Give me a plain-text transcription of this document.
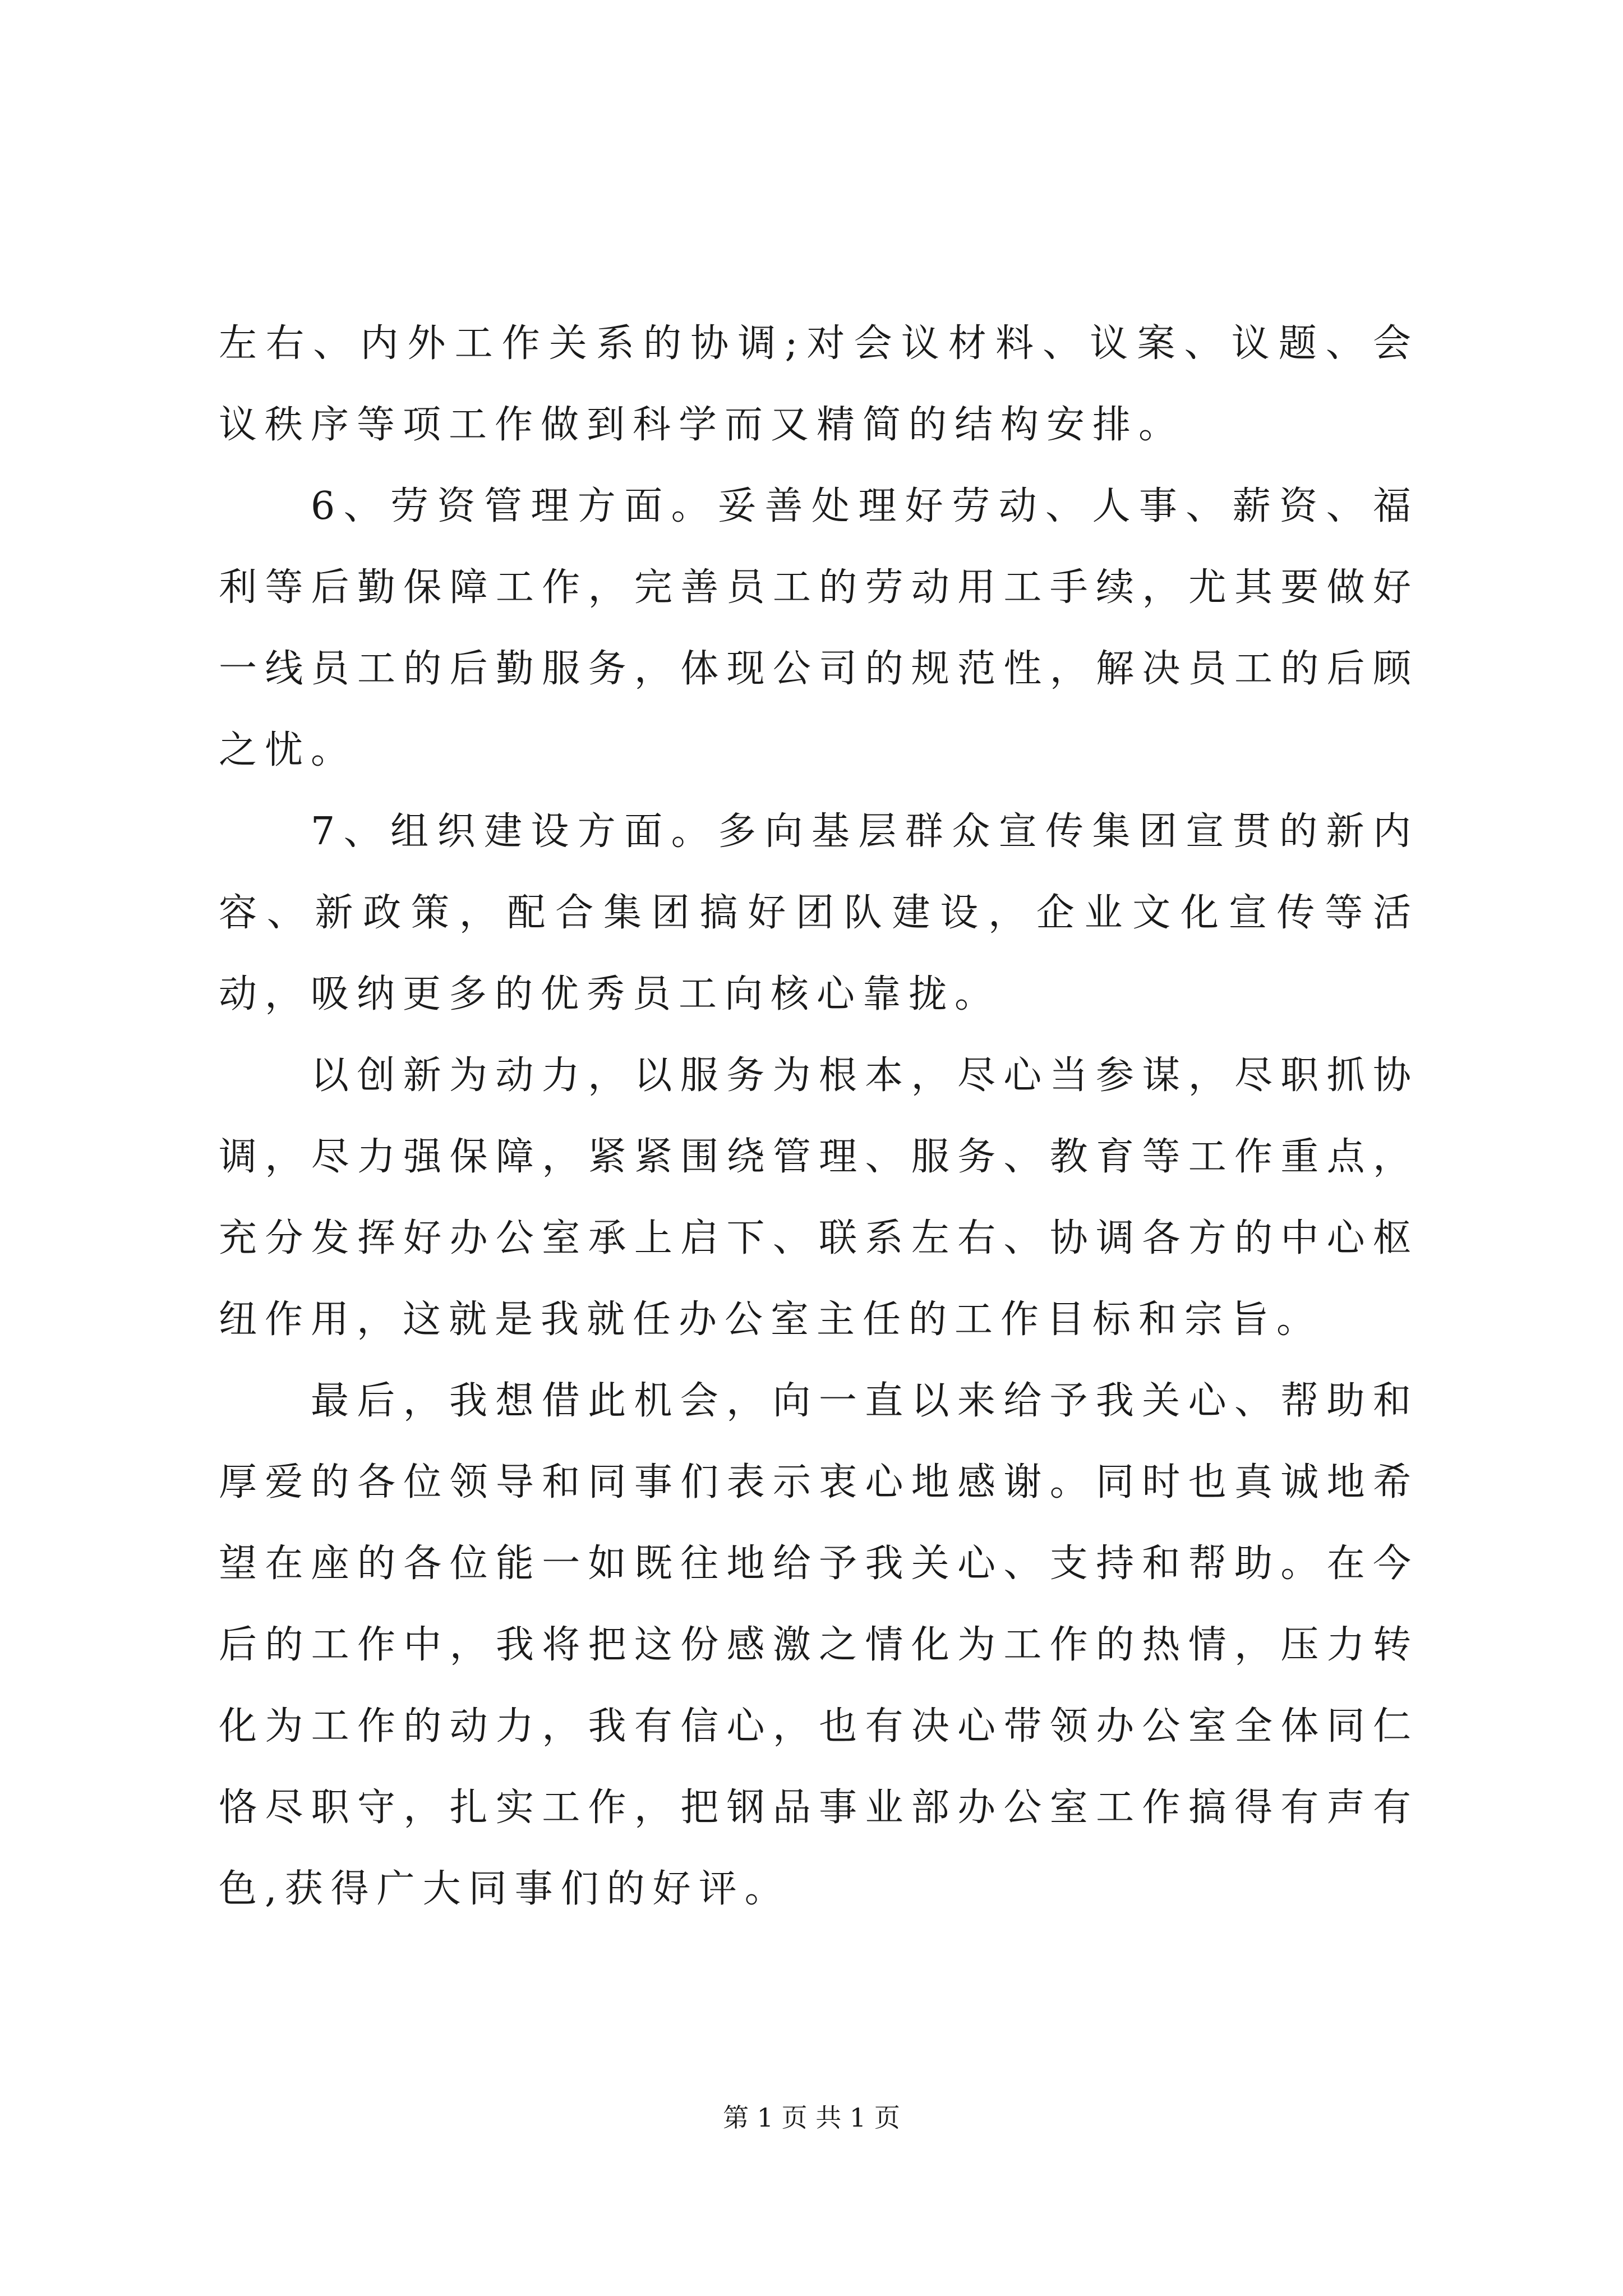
左右、内外工作关系的协调;对会议材料、议案、议题、会议秩序等项工作做到科学而又精简的结构安排。

6、劳资管理方面。妥善处理好劳动、人事、薪资、福利等后勤保障工作，完善员工的劳动用工手续，尤其要做好一线员工的后勤服务，体现公司的规范性，解决员工的后顾之忧。

7、组织建设方面。多向基层群众宣传集团宣贯的新内容、新政策，配合集团搞好团队建设，企业文化宣传等活动，吸纳更多的优秀员工向核心靠拢。

以创新为动力，以服务为根本，尽心当参谋，尽职抓协调，尽力强保障，紧紧围绕管理、服务、教育等工作重点，充分发挥好办公室承上启下、联系左右、协调各方的中心枢纽作用，这就是我就任办公室主任的工作目标和宗旨。

最后，我想借此机会，向一直以来给予我关心、帮助和厚爱的各位领导和同事们表示衷心地感谢。同时也真诚地希望在座的各位能一如既往地给予我关心、支持和帮助。在今后的工作中，我将把这份感激之情化为工作的热情，压力转化为工作的动力，我有信心，也有决心带领办公室全体同仁恪尽职守，扎实工作，把钢品事业部办公室工作搞得有声有色,获得广大同事们的好评。

第 1 页 共 1 页
